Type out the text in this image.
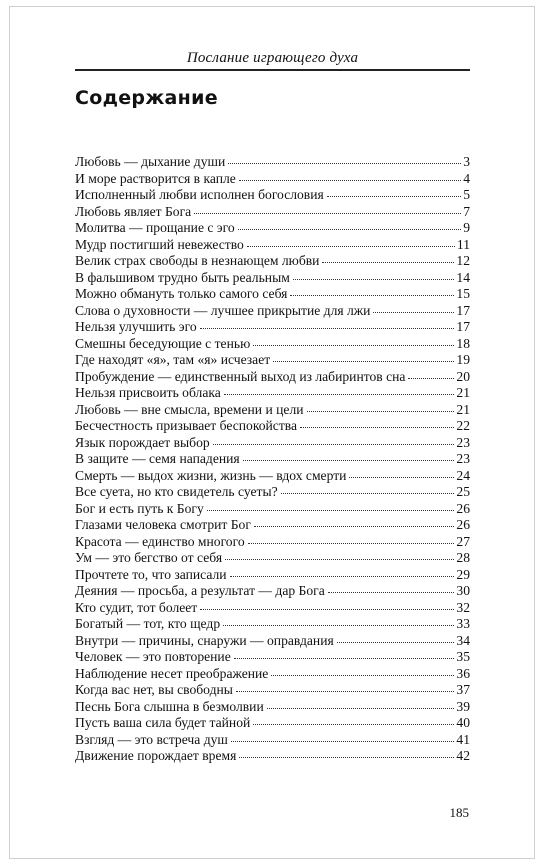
Послание играющего духа
Содержание
Любовь — дыхание души	3
И море растворится в капле	4
Исполненный любви исполнен богословия	5
Любовь являет Бога	7
Молитва — прощание с эго	9
Мудр постигший невежество	11
Велик страх свободы в незнающем любви	12
В фальшивом трудно быть реальным	14
Можно обмануть только самого себя	15
Слова о духовности — лучшее прикрытие для лжи	17
Нельзя улучшить эго	17
Смешны беседующие с тенью	18
Где находят «я», там «я» исчезает	19
Пробуждение — единственный выход из лабиринтов сна	20
Нельзя присвоить облака	21
Любовь — вне смысла, времени и цели	21
Бесчестность призывает беспокойства	22
Язык порождает выбор	23
В защите — семя нападения	23
Смерть — выдох жизни, жизнь — вдох смерти	24
Все суета, но кто свидетель суеты?	25
Бог и есть путь к Богу	26
Глазами человека смотрит Бог	26
Красота — единство многого	27
Ум — это бегство от себя	28
Прочтете то, что записали	29
Деяния — просьба, а результат — дар Бога	30
Кто судит, тот болеет	32
Богатый — тот, кто щедр	33
Внутри — причины, снаружи — оправдания	34
Человек — это повторение	35
Наблюдение несет преображение	36
Когда вас нет, вы свободны	37
Песнь Бога слышна в безмолвии	39
Пусть ваша сила будет тайной	40
Взгляд — это встреча душ	41
Движение порождает время	42
185
